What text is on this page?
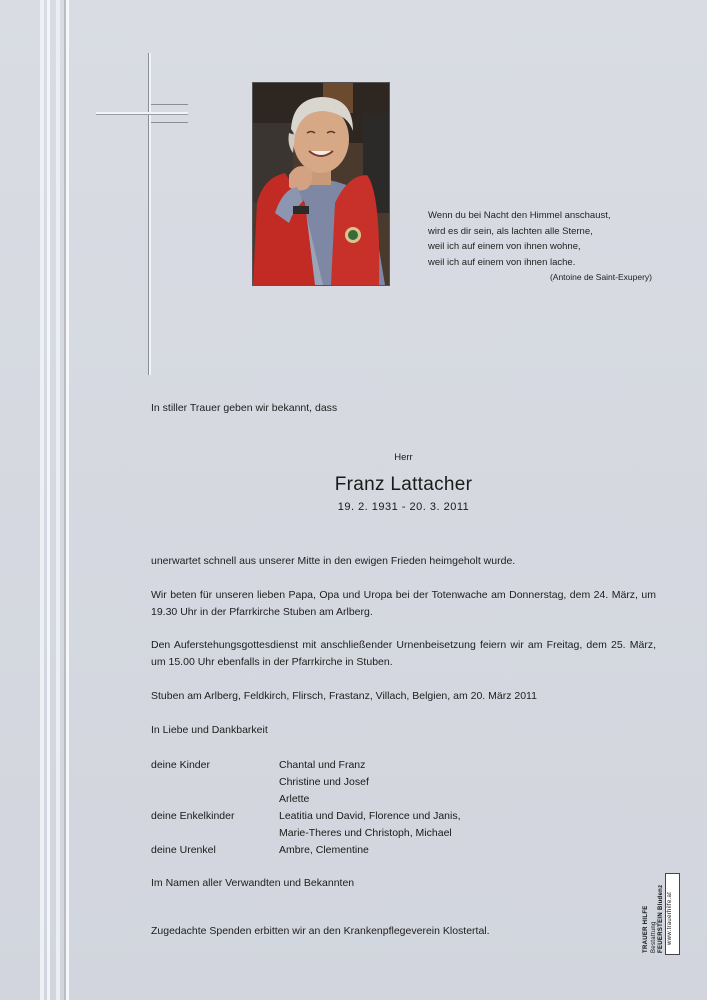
Wenn du bei Nacht den Himmel anschaust,
wird es dir sein, als lachten alle Sterne,
weil ich auf einem von ihnen wohne,
weil ich auf einem von ihnen lache.
(Antoine de Saint-Exupery)
In stiller Trauer geben wir bekannt, dass
Herr
Franz Lattacher
19. 2. 1931 - 20. 3. 2011
unerwartet schnell aus unserer Mitte in den ewigen Frieden heimgeholt wurde.
Wir beten für unseren lieben Papa, Opa und Uropa bei der Totenwache am Donnerstag, dem 24. März, um 19.30 Uhr in der Pfarrkirche Stuben am Arlberg.
Den Auferstehungsgottesdienst mit anschließender Urnenbeisetzung feiern wir am Freitag, dem 25. März, um 15.00 Uhr ebenfalls in der Pfarrkirche in Stuben.
Stuben am Arlberg, Feldkirch, Flirsch, Frastanz, Villach, Belgien, am 20. März 2011
In Liebe und Dankbarkeit
deine Kinder	Chantal und Franz
Christine und Josef
Arlette
deine Enkelkinder	Leatitia und David, Florence und Janis,
Marie-Theres und Christoph, Michael
deine Urenkel	Ambre, Clementine
Im Namen aller Verwandten und Bekannten
Zugedachte Spenden erbitten wir an den Krankenpflegeverein Klostertal.	TRAUER HILFE Bestattung FEUERSTEIN Bludenz www.trauerhilfe.at
